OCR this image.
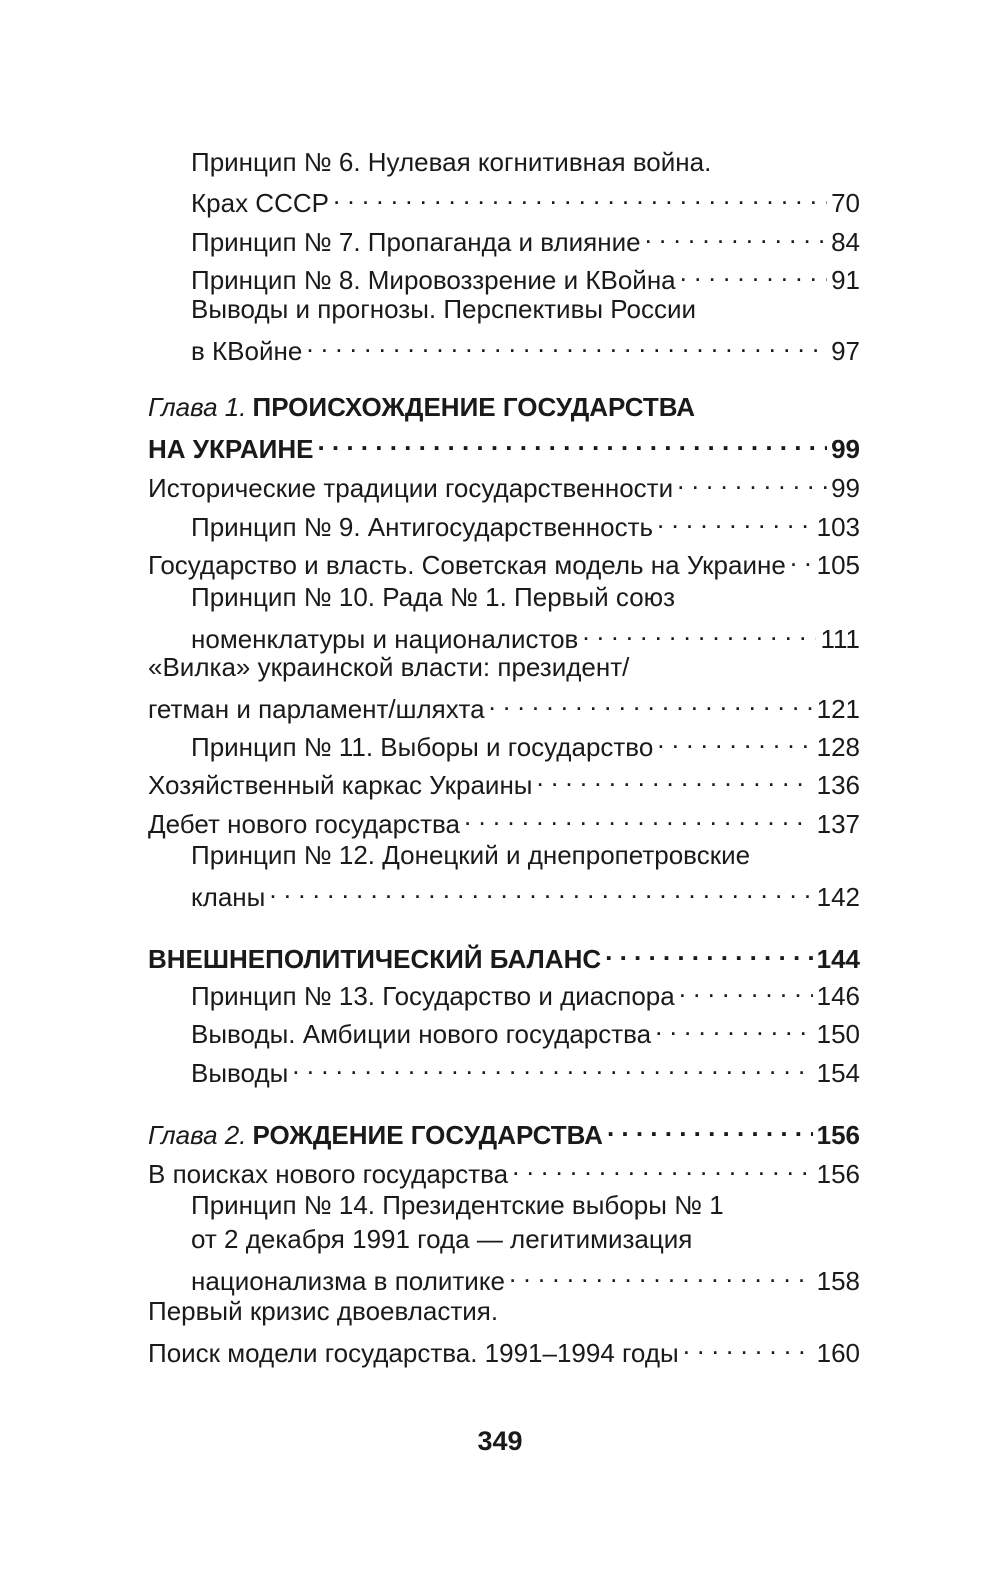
Принцип № 6. Нулевая когнитивная война.
Крах СССР . . .	70
Принцип № 7. Пропаганда и влияние . . .	84
Принцип № 8. Мировоззрение и КВойна . . .	91
Выводы и прогнозы. Перспективы России
в КВойне . . .	97
Глава 1. ПРОИСХОЖДЕНИЕ ГОСУДАРСТВА
НА УКРАИНЕ . . .	99
Исторические традиции государственности . . .	99
Принцип № 9. Антигосударственность . . .	103
Государство и власть. Советская модель на Украине . . . 105
Принцип № 10. Рада № 1. Первый союз
номенклатуры и националистов . . .	111
«Вилка» украинской власти: президент/
гетман и парламент/шляхта . . .	121
Принцип № 11. Выборы и государство . . .	128
Хозяйственный каркас Украины . . .	136
Дебет нового государства . . .	137
Принцип № 12. Донецкий и днепропетровские
кланы . . .	142
ВНЕШНЕПОЛИТИЧЕСКИЙ БАЛАНС . . .	144
Принцип № 13. Государство и диаспора . . .	146
Выводы. Амбиции нового государства . . .	150
Выводы . . .	154
Глава 2. РОЖДЕНИЕ ГОСУДАРСТВА . . .	156
В поисках нового государства . . .	156
Принцип № 14. Президентские выборы № 1
от 2 декабря 1991 года — легитимизация
национализма в политике . . .	158
Первый кризис двоевластия.
Поиск модели государства. 1991–1994 годы . . .	160
349
